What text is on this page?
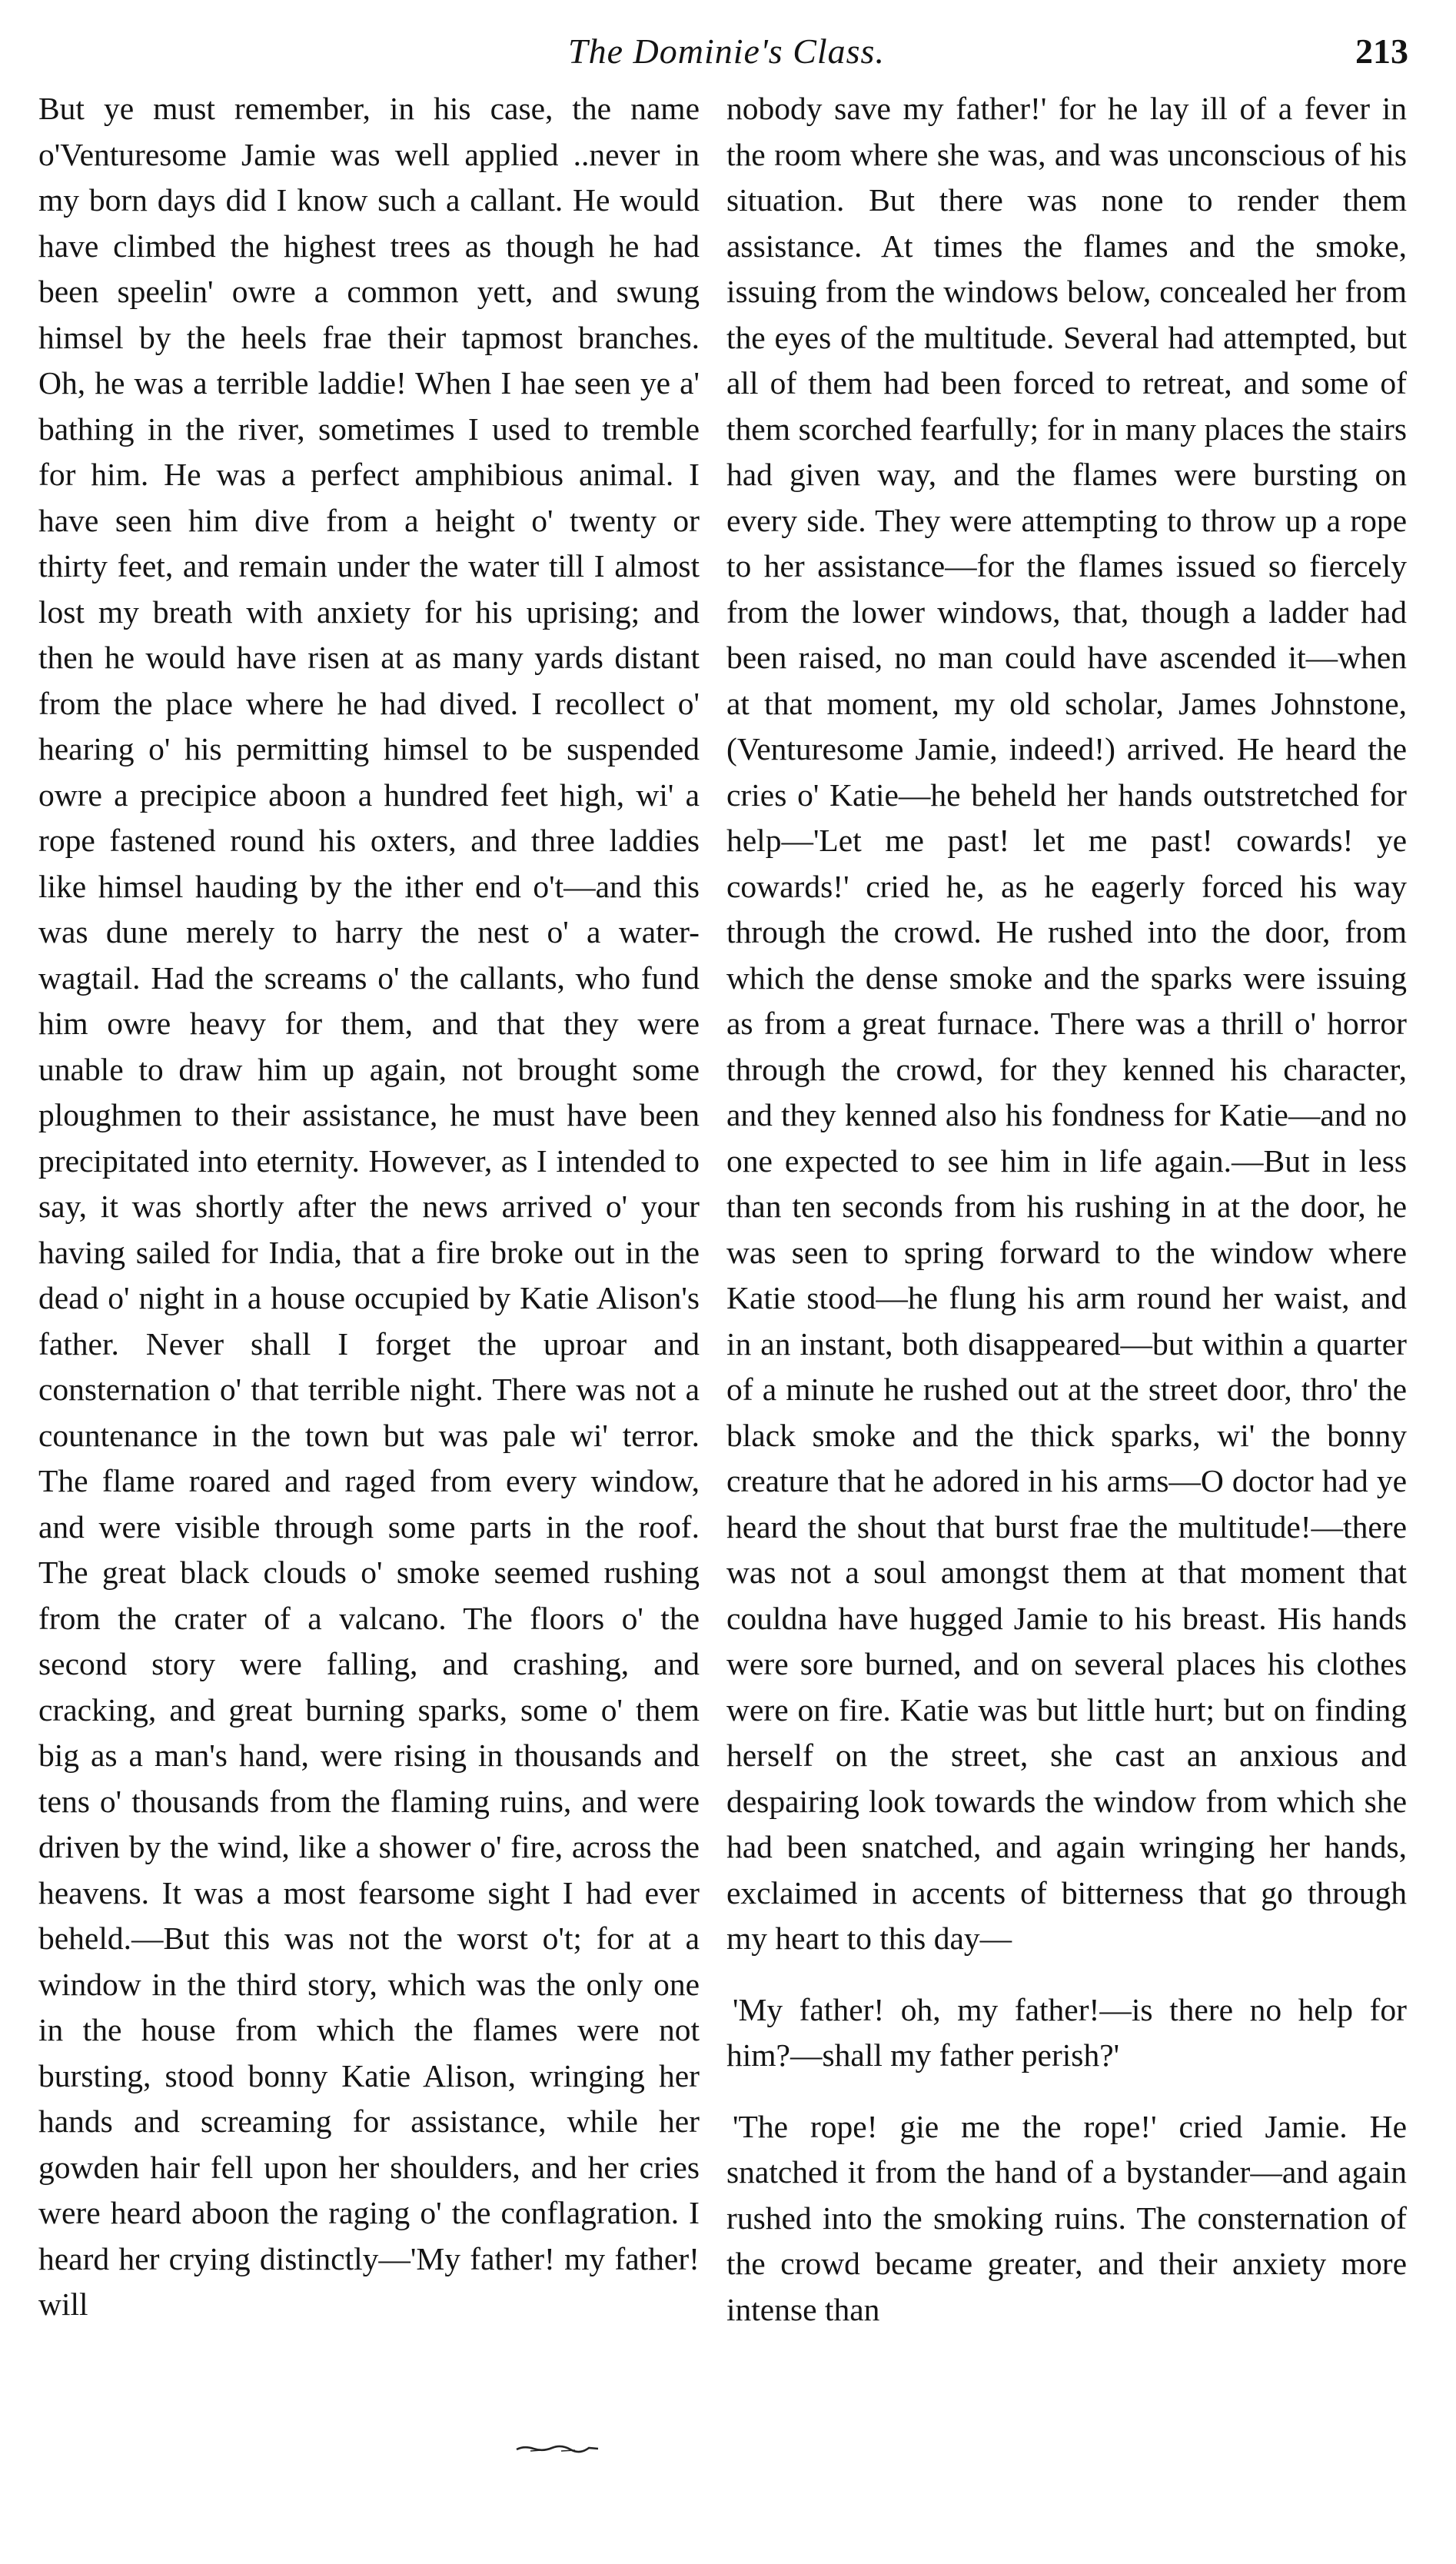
The Dominie's Class.	213

But ye must remember, in his case, the name o'Venturesome Jamie was well applied ..never in my born days did I know such a callant. He would have climbed the highest trees as though he had been speelin' owre a common yett, and swung himsel by the heels frae their tapmost branches. Oh, he was a terrible laddie! When I hae seen ye a' bathing in the river, sometimes I used to tremble for him. He was a perfect amphibious animal. I have seen him dive from a height o' twenty or thirty feet, and remain under the water till I almost lost my breath with anxiety for his uprising; and then he would have risen at as many yards distant from the place where he had dived. I recollect o' hearing o' his permitting himsel to be suspended owre a precipice aboon a hundred feet high, wi' a rope fastened round his oxters, and three laddies like himsel hauding by the ither end o't—and this was dune merely to harry the nest o' a water-wagtail. Had the screams o' the callants, who fund him owre heavy for them, and that they were unable to draw him up again, not brought some ploughmen to their assistance, he must have been precipitated into eternity. However, as I intended to say, it was shortly after the news arrived o' your having sailed for India, that a fire broke out in the dead o' night in a house occupied by Katie Alison's father. Never shall I forget the uproar and consternation o' that terrible night. There was not a countenance in the town but was pale wi' terror. The flame roared and raged from every window, and were visible through some parts in the roof. The great black clouds o' smoke seemed rushing from the crater of a valcano. The floors o' the second story were falling, and crashing, and cracking, and great burning sparks, some o' them big as a man's hand, were rising in thousands and tens o' thousands from the flaming ruins, and were driven by the wind, like a shower o' fire, across the heavens. It was a most fearsome sight I had ever beheld.—But this was not the worst o't; for at a window in the third story, which was the only one in the house from which the flames were not bursting, stood bonny Katie Alison, wringing her hands and screaming for assistance, while her gowden hair fell upon her shoulders, and her cries were heard aboon the raging o' the conflagration. I heard her crying distinctly—'My father! my father! will

nobody save my father!' for he lay ill of a fever in the room where she was, and was unconscious of his situation. But there was none to render them assistance. At times the flames and the smoke, issuing from the windows below, concealed her from the eyes of the multitude. Several had attempted, but all of them had been forced to retreat, and some of them scorched fearfully; for in many places the stairs had given way, and the flames were bursting on every side. They were attempting to throw up a rope to her assistance—for the flames issued so fiercely from the lower windows, that, though a ladder had been raised, no man could have ascended it—when at that moment, my old scholar, James Johnstone, (Venturesome Jamie, indeed!) arrived. He heard the cries o' Katie—he beheld her hands outstretched for help—'Let me past! let me past! cowards! ye cowards!' cried he, as he eagerly forced his way through the crowd. He rushed into the door, from which the dense smoke and the sparks were issuing as from a great furnace. There was a thrill o' horror through the crowd, for they kenned his character, and they kenned also his fondness for Katie—and no one expected to see him in life again.—But in less than ten seconds from his rushing in at the door, he was seen to spring forward to the window where Katie stood—he flung his arm round her waist, and in an instant, both disappeared—but within a quarter of a minute he rushed out at the street door, thro' the black smoke and the thick sparks, wi' the bonny creature that he adored in his arms—O doctor had ye heard the shout that burst frae the multitude!—there was not a soul amongst them at that moment that couldna have hugged Jamie to his breast. His hands were sore burned, and on several places his clothes were on fire. Katie was but little hurt; but on finding herself on the street, she cast an anxious and despairing look towards the window from which she had been snatched, and again wringing her hands, exclaimed in accents of bitterness that go through my heart to this day—

'My father! oh, my father!—is there no help for him?—shall my father perish?'

'The rope! gie me the rope!' cried Jamie. He snatched it from the hand of a bystander—and again rushed into the smoking ruins. The consternation of the crowd became greater, and their anxiety more intense than
